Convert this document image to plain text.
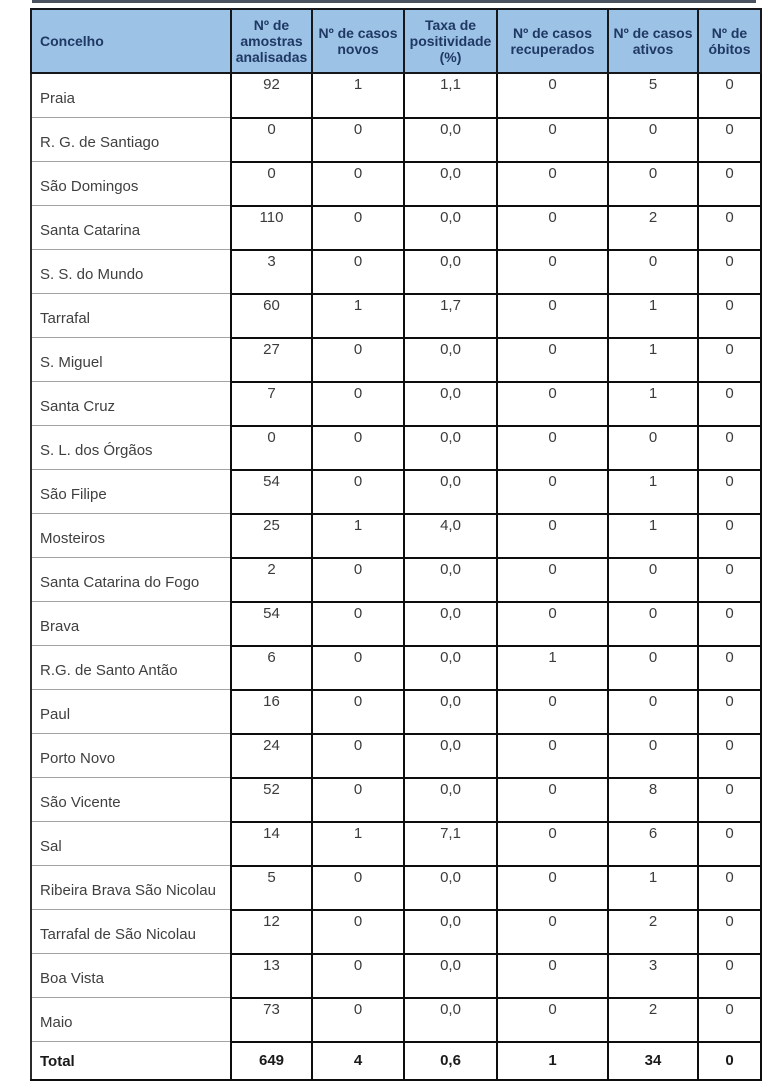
Concelho	Nº de amostras analisadas	Nº de casos novos	Taxa de positividade (%)	Nº de casos recuperados	Nº de casos ativos	Nº de óbitos
Praia	92	1	1,1	0	5	0
R. G. de Santiago	0	0	0,0	0	0	0
São Domingos	0	0	0,0	0	0	0
Santa Catarina	110	0	0,0	0	2	0
S. S. do Mundo	3	0	0,0	0	0	0
Tarrafal	60	1	1,7	0	1	0
S. Miguel	27	0	0,0	0	1	0
Santa Cruz	7	0	0,0	0	1	0
S. L. dos Órgãos	0	0	0,0	0	0	0
São Filipe	54	0	0,0	0	1	0
Mosteiros	25	1	4,0	0	1	0
Santa Catarina do Fogo	2	0	0,0	0	0	0
Brava	54	0	0,0	0	0	0
R.G. de Santo Antão	6	0	0,0	1	0	0
Paul	16	0	0,0	0	0	0
Porto Novo	24	0	0,0	0	0	0
São Vicente	52	0	0,0	0	8	0
Sal	14	1	7,1	0	6	0
Ribeira Brava São Nicolau	5	0	0,0	0	1	0
Tarrafal de São Nicolau	12	0	0,0	0	2	0
Boa Vista	13	0	0,0	0	3	0
Maio	73	0	0,0	0	2	0
Total	649	4	0,6	1	34	0
